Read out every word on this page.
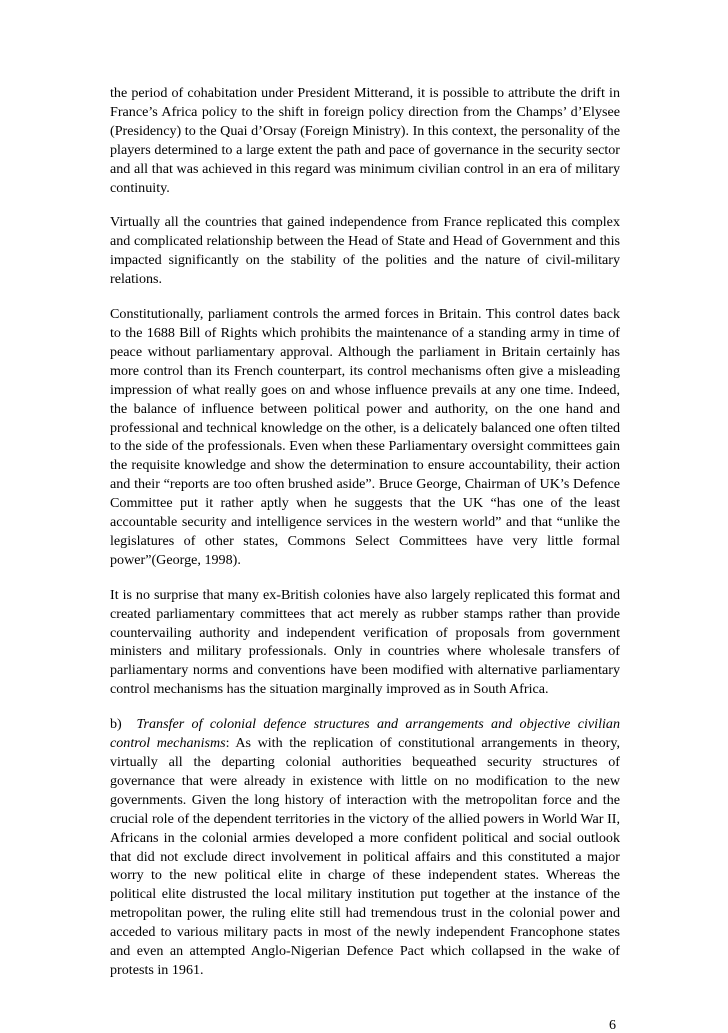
the period of cohabitation under President Mitterand, it is possible to attribute the drift in France’s Africa policy to the shift in foreign policy direction from the Champs’ d’Elysee (Presidency) to the Quai d’Orsay (Foreign Ministry). In this context, the personality of the players determined to a large extent the path and pace of governance in the security sector and all that was achieved in this regard was minimum civilian control in an era of military continuity.

Virtually all the countries that gained independence from France replicated this complex and complicated relationship between the Head of State and Head of Government and this impacted significantly on the stability of the polities and the nature of civil-military relations.

Constitutionally, parliament controls the armed forces in Britain. This control dates back to the 1688 Bill of Rights which prohibits the maintenance of a standing army in time of peace without parliamentary approval. Although the parliament in Britain certainly has more control than its French counterpart, its control mechanisms often give a misleading impression of what really goes on and whose influence prevails at any one time. Indeed, the balance of influence between political power and authority, on the one hand and professional and technical knowledge on the other, is a delicately balanced one often tilted to the side of the professionals. Even when these Parliamentary oversight committees gain the requisite knowledge and show the determination to ensure accountability, their action and their “reports are too often brushed aside”. Bruce George, Chairman of UK’s Defence Committee put it rather aptly when he suggests that the UK “has one of the least accountable security and intelligence services in the western world” and that “unlike the legislatures of other states, Commons Select Committees have very little formal power”(George, 1998).

It is no surprise that many ex-British colonies have also largely replicated this format and created parliamentary committees that act merely as rubber stamps rather than provide countervailing authority and independent verification of proposals from government ministers and military professionals. Only in countries where wholesale transfers of parliamentary norms and conventions have been modified with alternative parliamentary control mechanisms has the situation marginally improved as in South Africa.

b) Transfer of colonial defence structures and arrangements and objective civilian control mechanisms: As with the replication of constitutional arrangements in theory, virtually all the departing colonial authorities bequeathed security structures of governance that were already in existence with little on no modification to the new governments. Given the long history of interaction with the metropolitan force and the crucial role of the dependent territories in the victory of the allied powers in World War II, Africans in the colonial armies developed a more confident political and social outlook that did not exclude direct involvement in political affairs and this constituted a major worry to the new political elite in charge of these independent states. Whereas the political elite distrusted the local military institution put together at the instance of the metropolitan power, the ruling elite still had tremendous trust in the colonial power and acceded to various military pacts in most of the newly independent Francophone states and even an attempted Anglo-Nigerian Defence Pact which collapsed in the wake of protests in 1961.

6
